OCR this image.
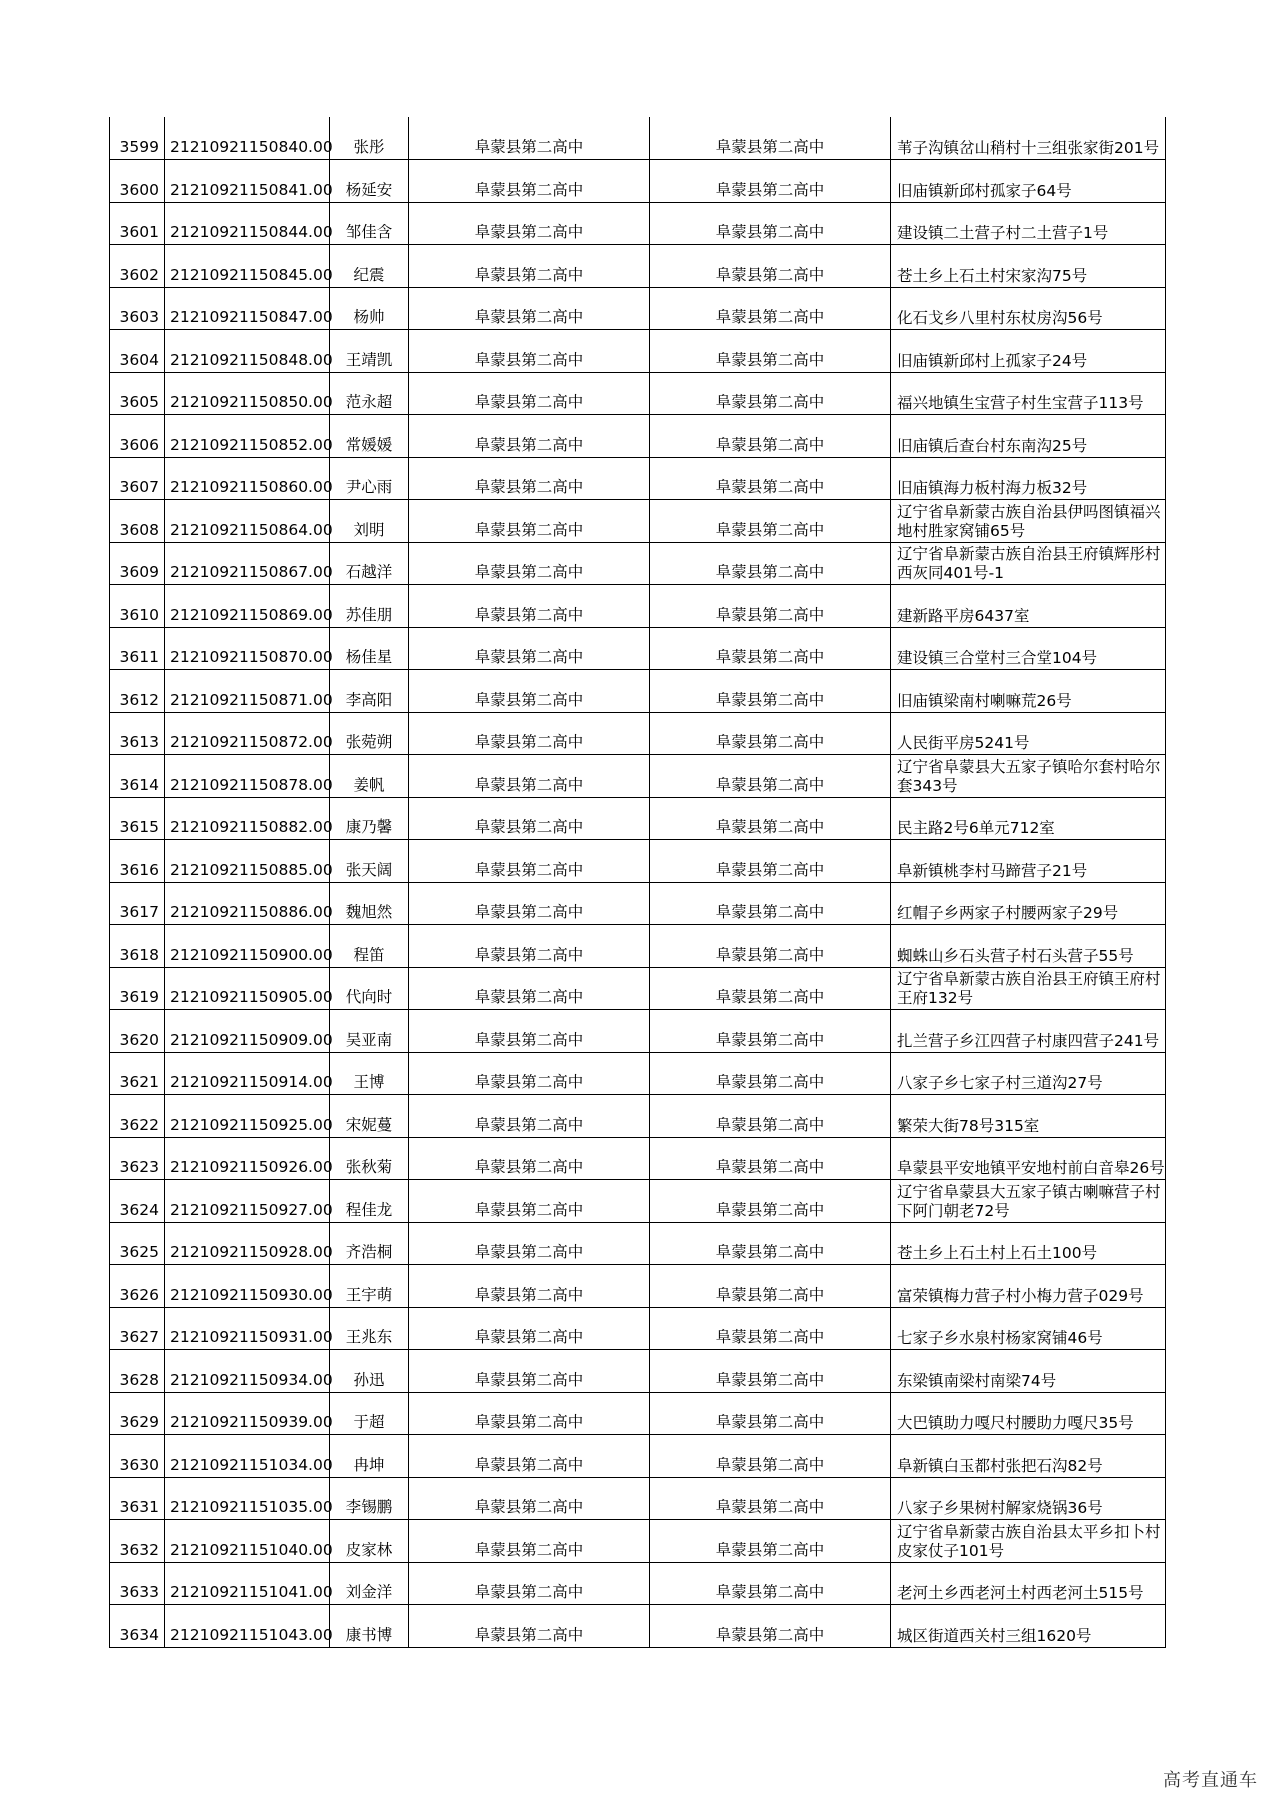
3599	21210921150840.00	张彤	阜蒙县第二高中	阜蒙县第二高中	苇子沟镇岔山稍村十三组张家街201号
3600	21210921150841.00	杨延安	阜蒙县第二高中	阜蒙县第二高中	旧庙镇新邱村孤家子64号
3601	21210921150844.00	邹佳含	阜蒙县第二高中	阜蒙县第二高中	建设镇二土营子村二土营子1号
3602	21210921150845.00	纪震	阜蒙县第二高中	阜蒙县第二高中	苍土乡上石土村宋家沟75号
3603	21210921150847.00	杨帅	阜蒙县第二高中	阜蒙县第二高中	化石戈乡八里村东杖房沟56号
3604	21210921150848.00	王靖凯	阜蒙县第二高中	阜蒙县第二高中	旧庙镇新邱村上孤家子24号
3605	21210921150850.00	范永超	阜蒙县第二高中	阜蒙县第二高中	福兴地镇生宝营子村生宝营子113号
3606	21210921150852.00	常媛媛	阜蒙县第二高中	阜蒙县第二高中	旧庙镇后查台村东南沟25号
3607	21210921150860.00	尹心雨	阜蒙县第二高中	阜蒙县第二高中	旧庙镇海力板村海力板32号
3608	21210921150864.00	刘明	阜蒙县第二高中	阜蒙县第二高中	辽宁省阜新蒙古族自治县伊吗图镇福兴地村胜家窝铺65号
3609	21210921150867.00	石越洋	阜蒙县第二高中	阜蒙县第二高中	辽宁省阜新蒙古族自治县王府镇辉彤村西灰同401号-1
3610	21210921150869.00	苏佳朋	阜蒙县第二高中	阜蒙县第二高中	建新路平房6437室
3611	21210921150870.00	杨佳星	阜蒙县第二高中	阜蒙县第二高中	建设镇三合堂村三合堂104号
3612	21210921150871.00	李高阳	阜蒙县第二高中	阜蒙县第二高中	旧庙镇梁南村喇嘛荒26号
3613	21210921150872.00	张菀朔	阜蒙县第二高中	阜蒙县第二高中	人民街平房5241号
3614	21210921150878.00	姜帆	阜蒙县第二高中	阜蒙县第二高中	辽宁省阜蒙县大五家子镇哈尔套村哈尔套343号
3615	21210921150882.00	康乃馨	阜蒙县第二高中	阜蒙县第二高中	民主路2号6单元712室
3616	21210921150885.00	张天阔	阜蒙县第二高中	阜蒙县第二高中	阜新镇桃李村马蹄营子21号
3617	21210921150886.00	魏旭然	阜蒙县第二高中	阜蒙县第二高中	红帽子乡两家子村腰两家子29号
3618	21210921150900.00	程笛	阜蒙县第二高中	阜蒙县第二高中	蜘蛛山乡石头营子村石头营子55号
3619	21210921150905.00	代向时	阜蒙县第二高中	阜蒙县第二高中	辽宁省阜新蒙古族自治县王府镇王府村王府132号
3620	21210921150909.00	吴亚南	阜蒙县第二高中	阜蒙县第二高中	扎兰营子乡江四营子村康四营子241号
3621	21210921150914.00	王博	阜蒙县第二高中	阜蒙县第二高中	八家子乡七家子村三道沟27号
3622	21210921150925.00	宋妮蔓	阜蒙县第二高中	阜蒙县第二高中	繁荣大街78号315室
3623	21210921150926.00	张秋菊	阜蒙县第二高中	阜蒙县第二高中	阜蒙县平安地镇平安地村前白音皋26号
3624	21210921150927.00	程佳龙	阜蒙县第二高中	阜蒙县第二高中	辽宁省阜蒙县大五家子镇古喇嘛营子村下阿门朝老72号
3625	21210921150928.00	齐浩桐	阜蒙县第二高中	阜蒙县第二高中	苍土乡上石土村上石土100号
3626	21210921150930.00	王宇萌	阜蒙县第二高中	阜蒙县第二高中	富荣镇梅力营子村小梅力营子029号
3627	21210921150931.00	王兆东	阜蒙县第二高中	阜蒙县第二高中	七家子乡水泉村杨家窝铺46号
3628	21210921150934.00	孙迅	阜蒙县第二高中	阜蒙县第二高中	东梁镇南梁村南梁74号
3629	21210921150939.00	于超	阜蒙县第二高中	阜蒙县第二高中	大巴镇助力嘎尺村腰助力嘎尺35号
3630	21210921151034.00	冉坤	阜蒙县第二高中	阜蒙县第二高中	阜新镇白玉都村张把石沟82号
3631	21210921151035.00	李锡鹏	阜蒙县第二高中	阜蒙县第二高中	八家子乡果树村解家烧锅36号
3632	21210921151040.00	皮家林	阜蒙县第二高中	阜蒙县第二高中	辽宁省阜新蒙古族自治县太平乡扣卜村皮家仗子101号
3633	21210921151041.00	刘金洋	阜蒙县第二高中	阜蒙县第二高中	老河土乡西老河土村西老河土515号
3634	21210921151043.00	康书博	阜蒙县第二高中	阜蒙县第二高中	城区街道西关村三组1620号
高考直通车
